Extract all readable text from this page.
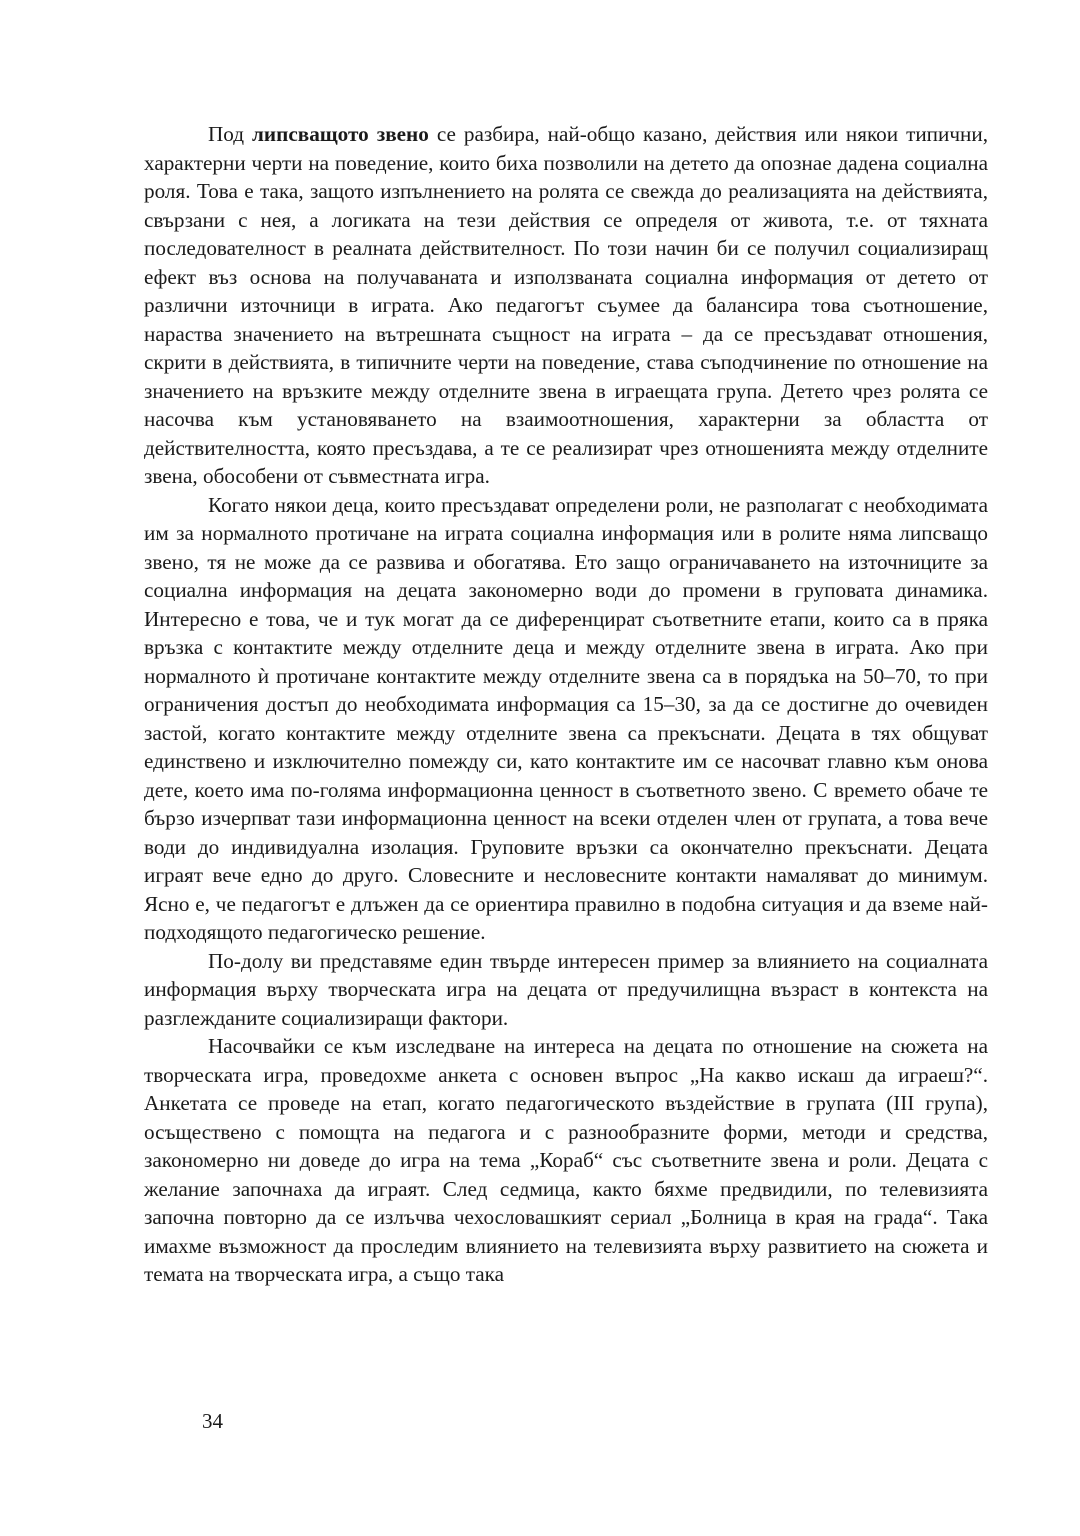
Под липсващото звено се разбира, най-общо казано, действия или някои типични, характерни черти на поведение, които биха позволили на детето да опознае дадена социална роля. Това е така, защото изпълнението на ролята се свежда до реализацията на действията, свързани с нея, а логиката на тези действия се определя от живота, т.е. от тяхната последователност в реалната действителност. По този начин би се получил социализиращ ефект въз основа на получаваната и използваната социална информация от детето от различни източници в играта. Ако педагогът съумее да балансира това съотношение, нараства значението на вътрешната същност на играта – да се пресъздават отношения, скрити в действията, в типичните черти на поведение, става съподчинение по отношение на значението на връзките между отделните звена в играещата група. Детето чрез ролята се насочва към установяването на взаимоотношения, характерни за областта от действителността, която пресъздава, а те се реализират чрез отношенията между отделните звена, обособени от съвместната игра.

Когато някои деца, които пресъздават определени роли, не разполагат с необходимата им за нормалното протичане на играта социална информация или в ролите няма липсващо звено, тя не може да се развива и обогатява. Ето защо ограничаването на източниците за социална информация на децата закономерно води до промени в груповата динамика. Интересно е това, че и тук могат да се диференцират съответните етапи, които са в пряка връзка с контактите между отделните деца и между отделните звена в играта. Ако при нормалното ѝ протичане контактите между отделните звена са в порядъка на 50–70, то при ограничения достъп до необходимата информация са 15–30, за да се достигне до очевиден застой, когато контактите между отделните звена са прекъснати. Децата в тях общуват единствено и изключително помежду си, като контактите им се насочват главно към онова дете, което има по-голяма информационна ценност в съответното звено. С времето обаче те бързо изчерпват тази информационна ценност на всеки отделен член от групата, а това вече води до индивидуална изолация. Груповите връзки са окончателно прекъснати. Децата играят вече едно до друго. Словесните и несловесните контакти намаляват до минимум. Ясно е, че педагогът е длъжен да се ориентира правилно в подобна ситуация и да вземе най-подходящото педагогическо решение.

По-долу ви представяме един твърде интересен пример за влиянието на социалната информация върху творческата игра на децата от предучилищна възраст в контекста на разглежданите социализиращи фактори.

Насочвайки се към изследване на интереса на децата по отношение на сюжета на творческата игра, проведохме анкета с основен въпрос „На какво искаш да играеш?“. Анкетата се проведе на етап, когато педагогическото въздействие в групата (III група), осъществено с помощта на педагога и с разнообразните форми, методи и средства, закономерно ни доведе до игра на тема „Кораб“ със съответните звена и роли. Децата с желание започнаха да играят. След седмица, както бяхме предвидили, по телевизията започна повторно да се излъчва чехословашкият сериал „Болница в края на града“. Така имахме възможност да проследим влиянието на телевизията върху развитието на сюжета и темата на творческата игра, а също така

34
